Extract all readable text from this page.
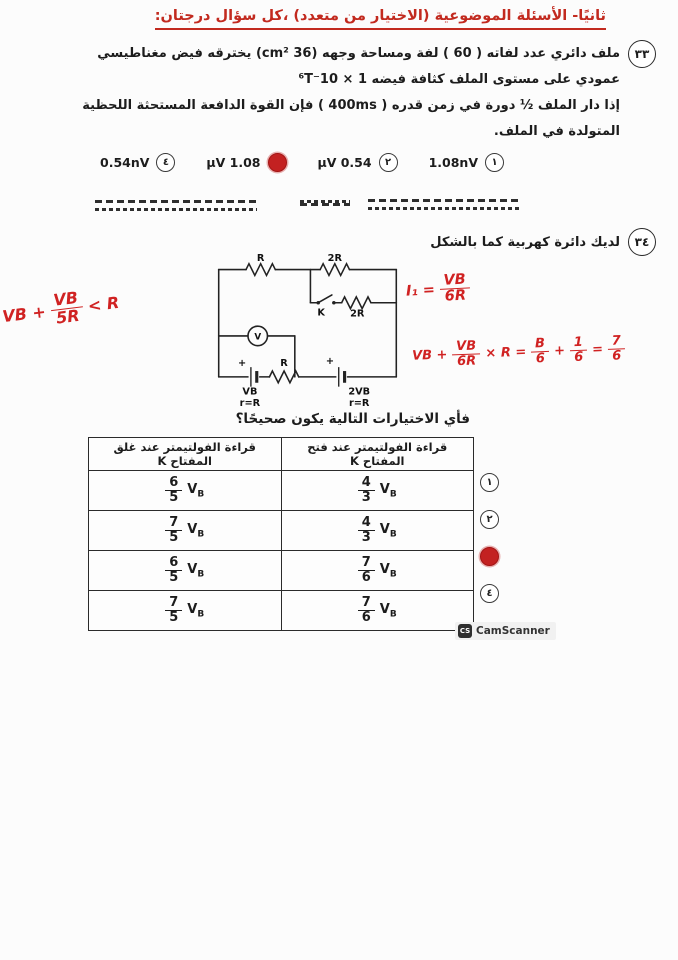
ثانيًا- الأسئلة الموضوعية (الاختيار من متعدد) ،كل سؤال درجتان:
٣٣
ملف دائري عدد لفاته ( 60 ) لفة ومساحة وجهه (36 cm²) يخترقه فيض مغناطيسي
عمودي على مستوى الملف كثافة فيضه 1 × 10⁻⁶T
إذا دار الملف ½ دورة في زمن قدره ( 400ms ) فإن القوة الدافعة المستحثة اللحظية
المتولدة في الملف.
١
1.08nV
٢
0.54 µV
1.08 µV
٤
0.54nV
٣٤
لديك دائرة كهربية كما بالشكل
R	2R
K	2R
V
+	R	+
VB
r=R
2VB
r=R
VB + $\frac{VB}{5R} < R$
$I_1 = \frac{VB}{6R}$
VB + $\frac{VB}{6R} \times R = \frac{B}{6} + \frac{1}{6} = \frac{7}{6}$
فأي الاختيارات التالية يكون صحيحًا؟
قراءة الفولتيمتر عند فتح المفتاح K	قراءة الفولتيمتر عند غلق المفتاح K

$\frac{4}{3} V_B$	$\frac{6}{5} V_B$

$\frac{4}{3} V_B$	$\frac{7}{5} V_B$

$\frac{7}{6} V_B$	$\frac{6}{5} V_B$

$\frac{7}{6} V_B$	$\frac{7}{5} V_B$
١
٢
٤
CS CamScanner
